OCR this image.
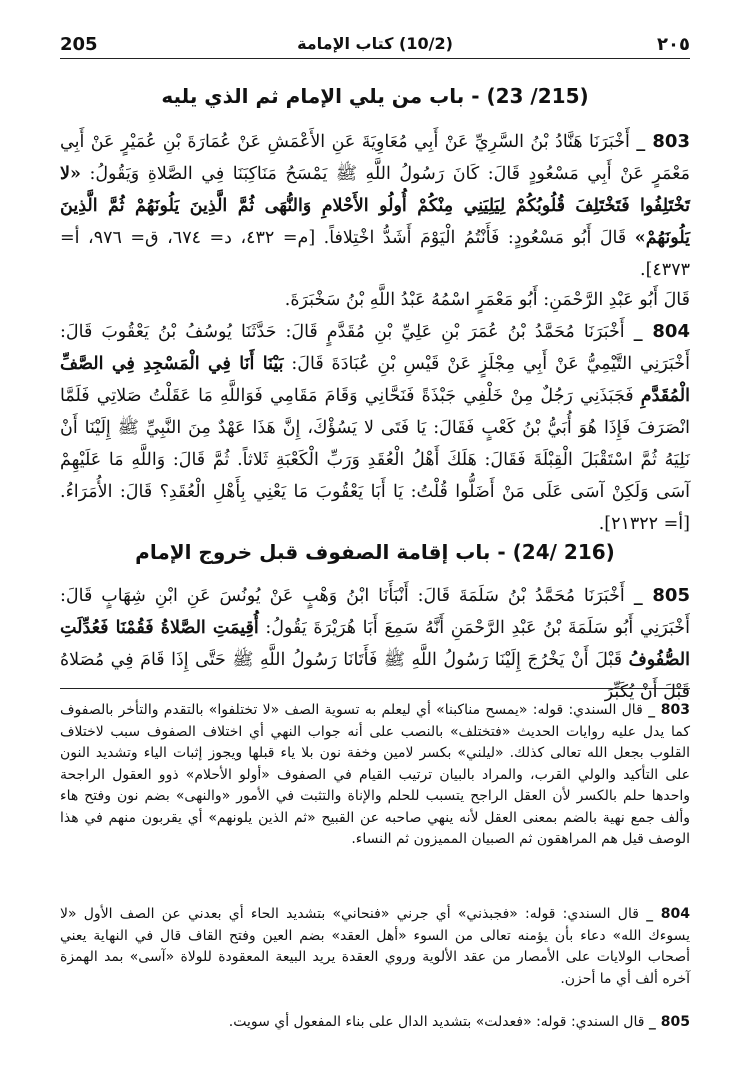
205	(10/2) كتاب الإمامة	٢٠٥
(215/ 23) - باب من يلي الإمام ثم الذي يليه
803 _ أَخْبَرَنَا هَنَّادُ بْنُ السَّرِيِّ عَنْ أَبِي مُعَاوِيَةَ عَنِ الأَعْمَشِ عَنْ عُمَارَةَ بْنِ عُمَيْرٍ عَنْ أَبِي مَعْمَرٍ عَنْ أَبِي مَسْعُودٍ قَالَ: كَانَ رَسُولُ اللَّهِ ﷺ يَمْسَحُ مَنَاكِبَنَا فِي الصَّلاةِ وَيَقُولُ: «لا تَخْتَلِفُوا فَتَخْتَلِفَ قُلُوبُكُمْ لِيَلِيَنِي مِنْكُمْ أُولُو الأَحْلامِ وَالنُّهَى ثُمَّ الَّذِينَ يَلُونَهُمْ ثُمَّ الَّذِينَ يَلُونَهُمْ» قَالَ أَبُو مَسْعُودٍ: فَأَنْتُمُ الْيَوْمَ أَشَدُّ اخْتِلافاً. [م= ٤٣٢، د= ٦٧٤، ق= ٩٧٦، أ= ٤٣٧٣].
قَالَ أَبُو عَبْدِ الرَّحْمَنِ: أَبُو مَعْمَرٍ اسْمُهُ عَبْدُ اللَّهِ بْنُ سَخْبَرَةَ.
804 _ أَخْبَرَنَا مُحَمَّدُ بْنُ عُمَرَ بْنِ عَلِيِّ بْنِ مُقَدَّمٍ قَالَ: حَدَّثَنَا يُوسُفُ بْنُ يَعْقُوبَ قَالَ: أَخْبَرَنِي التَّيْمِيُّ عَنْ أَبِي مِجْلَزٍ عَنْ قَيْسِ بْنِ عُبَادَةَ قَالَ: بَيْنَا أَنَا فِي الْمَسْجِدِ فِي الصَّفِّ الْمُقَدَّمِ فَجَبَذَنِي رَجُلٌ مِنْ خَلْفِي جَبْذَةً فَنَحَّانِي وَقَامَ مَقَامِي فَوَاللَّهِ مَا عَقَلْتُ صَلاتِي فَلَمَّا انْصَرَفَ فَإِذَا هُوَ أُبَيُّ بْنُ كَعْبٍ فَقَالَ: يَا فَتَى لا يَسُؤْكَ، إِنَّ هَذَا عَهْدٌ مِنَ النَّبِيِّ ﷺ إِلَيْنَا أَنْ نَلِيَهُ ثُمَّ اسْتَقْبَلَ الْقِبْلَةَ فَقَالَ: هَلَكَ أَهْلُ الْعُقَدِ وَرَبِّ الْكَعْبَةِ ثَلاثاً. ثُمَّ قَالَ: وَاللَّهِ مَا عَلَيْهِمْ آسَى وَلَكِنْ آسَى عَلَى مَنْ أَضَلُّوا قُلْتُ: يَا أَبَا يَعْقُوبَ مَا يَعْنِي بِأَهْلِ الْعُقَدِ؟ قَالَ: الأُمَرَاءُ. [أ= ٢١٣٢٢].
(216 /24) - باب إقامة الصفوف قبل خروج الإمام
805 _ أَخْبَرَنَا مُحَمَّدُ بْنُ سَلَمَةَ قَالَ: أَنْبَأَنَا ابْنُ وَهْبٍ عَنْ يُونُسَ عَنِ ابْنِ شِهَابٍ قَالَ: أَخْبَرَنِي أَبُو سَلَمَةَ بْنُ عَبْدِ الرَّحْمَنِ أَنَّهُ سَمِعَ أَبَا هُرَيْرَةَ يَقُولُ: أُقِيمَتِ الصَّلاةُ فَقُمْنَا فَعُدِّلَتِ الصُّفُوفُ قَبْلَ أَنْ يَخْرُجَ إِلَيْنَا رَسُولُ اللَّهِ ﷺ فَأَتَانَا رَسُولُ اللَّهِ ﷺ حَتَّى إِذَا قَامَ فِي مُصَلاهُ قَبْلَ أَنْ يُكَبِّرَ
803 _ قال السندي: قوله: «يمسح مناكبنا» أي ليعلم به تسوية الصف «لا تختلفوا» بالتقدم والتأخر بالصفوف كما يدل عليه روايات الحديث «فتختلف» بالنصب على أنه جواب النهي أي اختلاف الصفوف سبب لاختلاف القلوب بجعل الله تعالى كذلك. «ليلني» بكسر لامين وخفة نون بلا ياء قبلها ويجوز إثبات الياء وتشديد النون على التأكيد والولي القرب، والمراد بالبيان ترتيب القيام في الصفوف «أولو الأحلام» ذوو العقول الراجحة واحدها حلم بالكسر لأن العقل الراجح يتسبب للحلم والإناة والتثبت في الأمور «والنهى» بضم نون وفتح هاء وألف جمع نهية بالضم بمعنى العقل لأنه ينهي صاحبه عن القبيح «ثم الذين يلونهم» أي يقربون منهم في هذا الوصف قيل هم المراهقون ثم الصبيان المميزون ثم النساء.
804 _ قال السندي: قوله: «فجبذني» أي جرني «فنحاني» بتشديد الحاء أي بعدني عن الصف الأول «لا يسوءك الله» دعاء بأن يؤمنه تعالى من السوء «أهل العقد» بضم العين وفتح القاف قال في النهاية يعني أصحاب الولايات على الأمصار من عقد الألوية وروي العقدة يريد البيعة المعقودة للولاة «آسى» بمد الهمزة آخره ألف أي ما أحزن.
805 _ قال السندي: قوله: «فعدلت» بتشديد الدال على بناء المفعول أي سويت.
